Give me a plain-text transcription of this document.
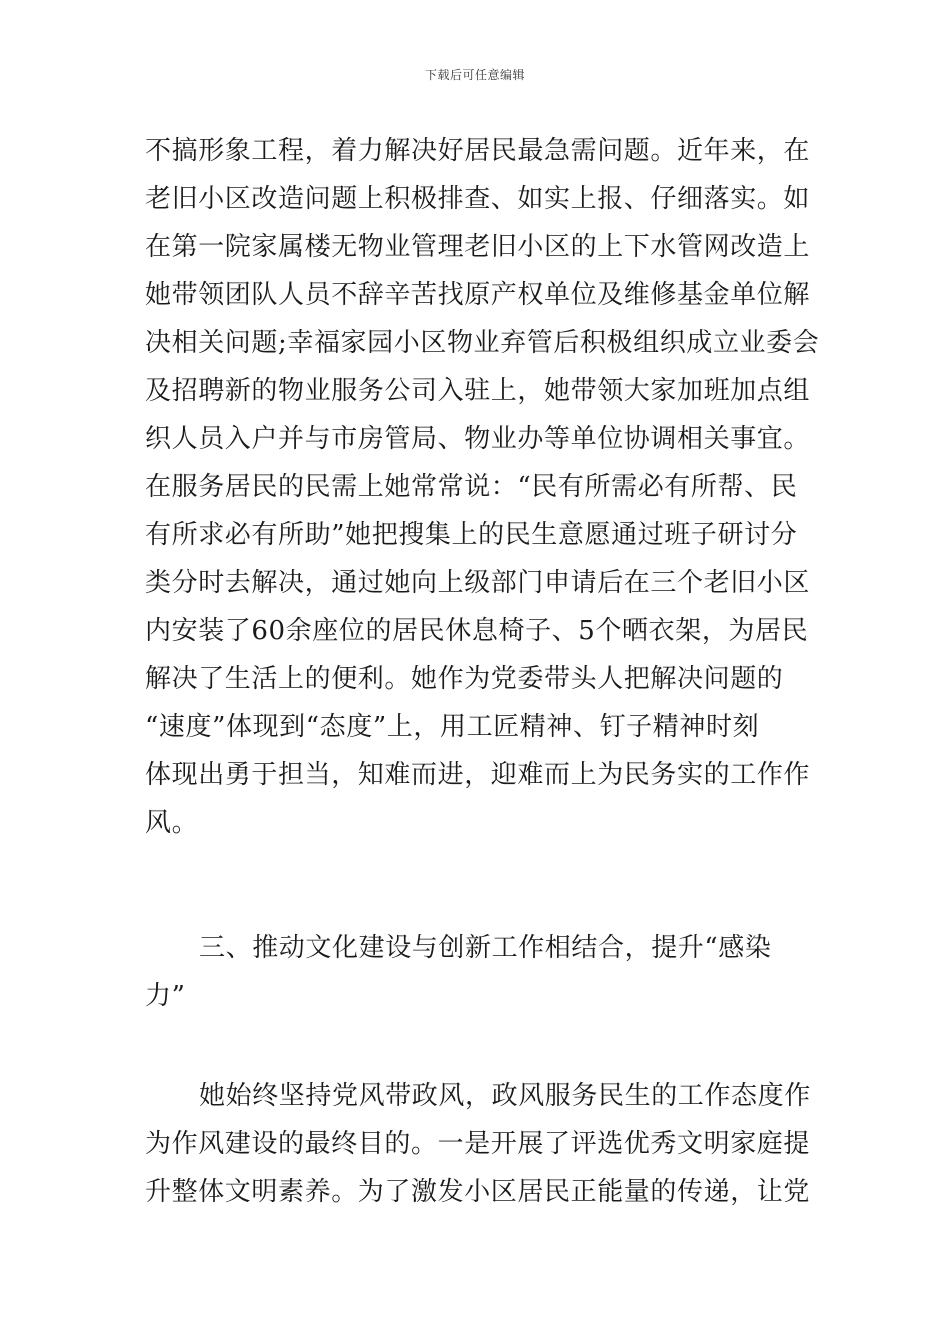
下载后可任意编辑
不搞形象工程，着力解决好居民最急需问题。近年来，在
老旧小区改造问题上积极排查、如实上报、仔细落实。如
在第一院家属楼无物业管理老旧小区的上下水管网改造上
她带领团队人员不辞辛苦找原产权单位及维修基金单位解
决相关问题;幸福家园小区物业弃管后积极组织成立业委会
及招聘新的物业服务公司入驻上，她带领大家加班加点组
织人员入户并与市房管局、物业办等单位协调相关事宜。
在服务居民的民需上她常常说：“民有所需必有所帮、民
有所求必有所助”她把搜集上的民生意愿通过班子研讨分
类分时去解决，通过她向上级部门申请后在三个老旧小区
内安装了60余座位的居民休息椅子、5个晒衣架，为居民
解决了生活上的便利。她作为党委带头人把解决问题的
“速度”体现到“态度”上，用工匠精神、钉子精神时刻
体现出勇于担当，知难而进，迎难而上为民务实的工作作
风。
三、推动文化建设与创新工作相结合，提升“感染
力”
她始终坚持党风带政风，政风服务民生的工作态度作
为作风建设的最终目的。一是开展了评选优秀文明家庭提
升整体文明素养。为了激发小区居民正能量的传递，让党
